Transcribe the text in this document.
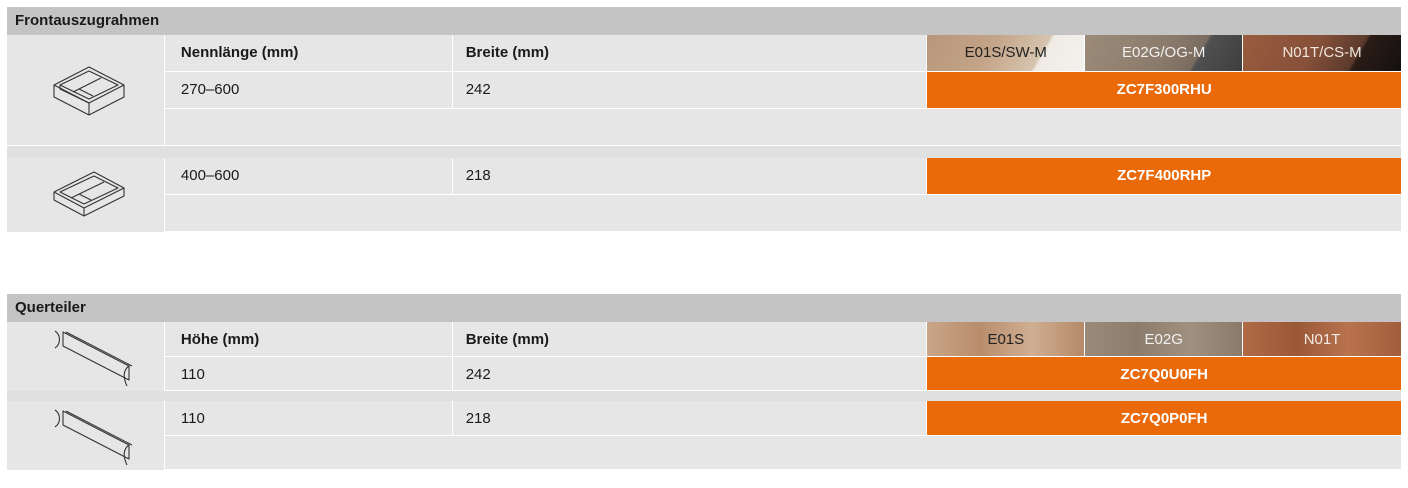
Frontauszugrahmen
Nennlänge (mm)	Breite (mm)	E01S/SW-M	E02G/OG-M	N01T/CS-M
270–600	242	ZC7F300RHU
400–600	218	ZC7F400RHP
Querteiler
Höhe (mm)	Breite (mm)	E01S	E02G	N01T
110	242	ZC7Q0U0FH
110	218	ZC7Q0P0FH
